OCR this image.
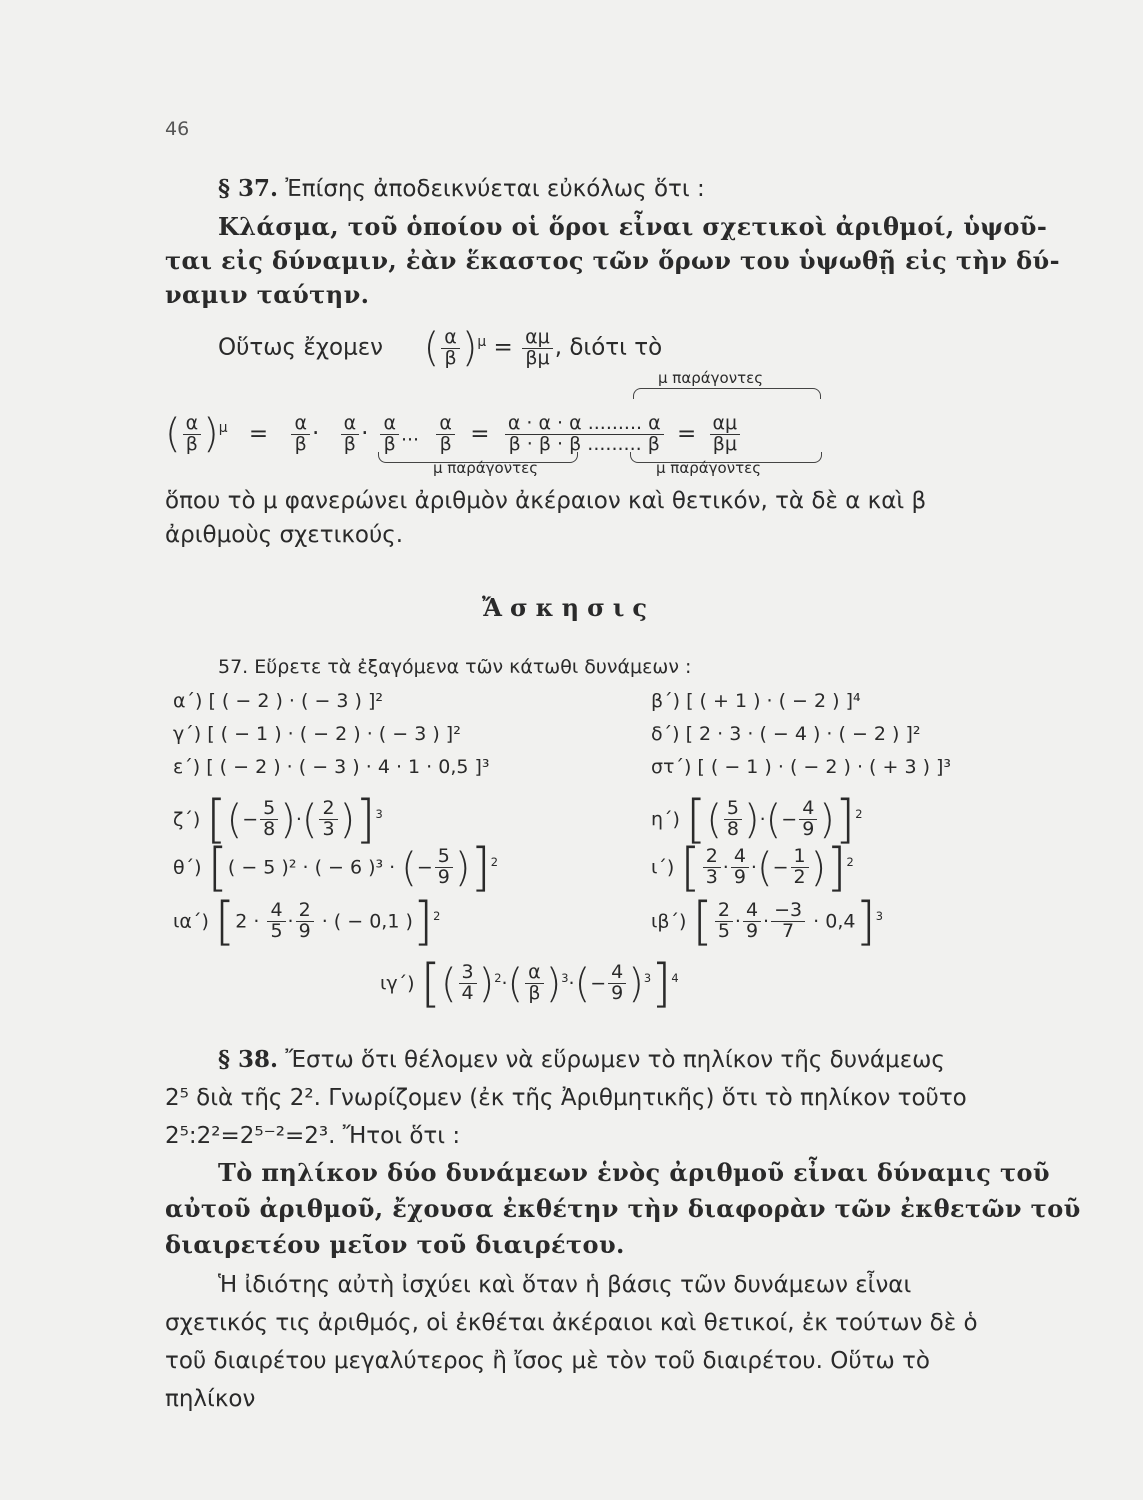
46
§ 37. Ἐπίσης ἀποδεικνύεται εὐκόλως ὅτι :
Κλάσμα, τοῦ ὁποίου οἱ ὅροι εἶναι σχετικοὶ ἀριθμοί, ὑψοῦ-
ται εἰς δύναμιν, ἐὰν ἕκαστος τῶν ὅρων του ὑψωθῇ εἰς τὴν δύ-
ναμιν ταύτην.
Οὕτως ἔχομεν ( $\frac{\alpha}{\beta} )^\mu = \frac{\alpha\mu}{\beta\mu}$ , διότι τὸ
μ παράγοντες
( $\frac{\alpha}{\beta} )^\mu = \frac{\alpha}{\beta} \cdot \frac{\alpha}{\beta} \cdot \frac{\alpha}{\beta}$ ... $\frac{\alpha}{\beta} = \frac{\alpha \cdot \alpha \cdot \alpha ......... \alpha}{\beta \cdot \beta \cdot \beta ......... \beta} = \frac{\alpha\mu}{\beta\mu}$
μ παράγοντες	μ παράγοντες
ὅπου τὸ μ φανερώνει ἀριθμὸν ἀκέραιον καὶ θετικόν, τὰ δὲ α καὶ β
ἀριθμοὺς σχετικούς.
Ἄσκησις
57. Εὕρετε τὰ ἐξαγόμενα τῶν κάτωθι δυνάμεων :
α΄) [ ( − 2 ) · ( − 3 ) ]²	β΄) [ ( + 1 ) · ( − 2 ) ]⁴
γ΄) [ ( − 1 ) · ( − 2 ) · ( − 3 ) ]²	δ΄) [ 2 · 3 · ( − 4 ) · ( − 2 ) ]²
ε΄) [ ( − 2 ) · ( − 3 ) · 4 · 1 · 0,5 ]³	στ΄) [ ( − 1 ) · ( − 2 ) · ( + 3 ) ]³
ζ΄) [(− $\frac{5}{8}$ )·( $\frac{2}{3} )]^3$	η΄) [( $\frac{5}{8}$ )·(− $\frac{4}{9} )]^2$
θ΄) [( − 5 )² · ( − 6 )³ · (− $\frac{5}{9} )]^2$	ι΄) [ $\frac{2}{3} \cdot \frac{4}{9}$ ·(− $\frac{1}{2} )]^2$
ια΄) [$2 \cdot \frac{4}{5} \cdot \frac{2}{9}$ · ( − 0,1 )]$^2$	ιβ΄) [ $\frac{2}{5} \cdot \frac{4}{9} \cdot \frac{-3}{7} \cdot 0,4]^3$
ιγ΄) [( $\frac{3}{4} )^2\cdot( \frac{\alpha}{\beta} )^3\cdot(- \frac{4}{9} )^3]^4$
§ 38. Ἔστω ὅτι θέλομεν νὰ εὕρωμεν τὸ πηλίκον τῆς δυνάμεως
2⁵ διὰ τῆς 2². Γνωρίζομεν (ἐκ τῆς Ἀριθμητικῆς) ὅτι τὸ πηλίκον τοῦτο
2⁵:2²=2⁵⁻²=2³. Ἤτοι ὅτι :
Τὸ πηλίκον δύο δυνάμεων ἑνὸς ἀριθμοῦ εἶναι δύναμις τοῦ
αὐτοῦ ἀριθμοῦ, ἔχουσα ἐκθέτην τὴν διαφορὰν τῶν ἐκθετῶν τοῦ
διαιρετέου μεῖον τοῦ διαιρέτου.
Ἡ ἰδιότης αὐτὴ ἰσχύει καὶ ὅταν ἡ βάσις τῶν δυνάμεων εἶναι
σχετικός τις ἀριθμός, οἱ ἐκθέται ἀκέραιοι καὶ θετικοί, ἐκ τούτων δὲ ὁ
τοῦ διαιρέτου μεγαλύτερος ἢ ἴσος μὲ τὸν τοῦ διαιρέτου. Οὕτω τὸ
πηλίκον
